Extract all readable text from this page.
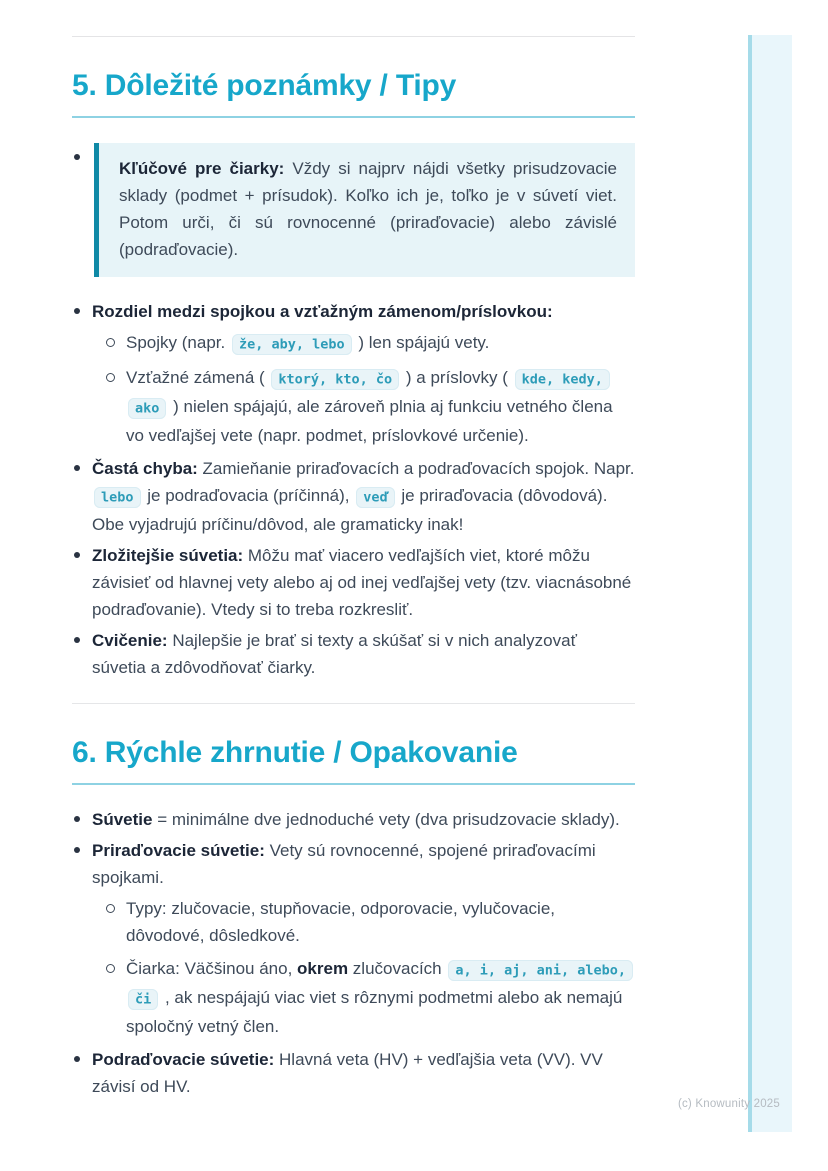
5. Dôležité poznámky / Tipy

Kľúčové pre čiarky: Vždy si najprv nájdi všetky prisudzovacie sklady (podmet + prísudok). Koľko ich je, toľko je v súvetí viet. Potom urči, či sú rovnocenné (priraďovacie) alebo závislé (podraďovacie).

Rozdiel medzi spojkou a vzťažným zámenom/príslovkou:
Spojky (napr. že, aby, lebo ) len spájajú vety.
Vzťažné zámená ( ktorý, kto, čo ) a príslovky ( kde, kedy, ako ) nielen spájajú, ale zároveň plnia aj funkciu vetného člena vo vedľajšej vete (napr. podmet, príslovkové určenie).
Častá chyba: Zamieňanie priraďovacích a podraďovacích spojok. Napr. lebo je podraďovacia (príčinná), veď je priraďovacia (dôvodová). Obe vyjadrujú príčinu/dôvod, ale gramaticky inak!
Zložitejšie súvetia: Môžu mať viacero vedľajších viet, ktoré môžu závisieť od hlavnej vety alebo aj od inej vedľajšej vety (tzv. viacnásobné podraďovanie). Vtedy si to treba rozkresliť.
Cvičenie: Najlepšie je brať si texty a skúšať si v nich analyzovať súvetia a zdôvodňovať čiarky.
6. Rýchle zhrnutie / Opakovanie
Súvetie = minimálne dve jednoduché vety (dva prisudzovacie sklady).
Priraďovacie súvetie: Vety sú rovnocenné, spojené priraďovacími spojkami.
Typy: zlučovacie, stupňovacie, odporovacie, vylučovacie, dôvodové, dôsledkové.
Čiarka: Väčšinou áno, okrem zlučovacích a, i, aj, ani, alebo, či , ak nespájajú viac viet s rôznymi podmetmi alebo ak nemajú spoločný vetný člen.
Podraďovacie súvetie: Hlavná veta (HV) + vedľajšia veta (VV). VV závisí od HV.
(c) Knowunity 2025
